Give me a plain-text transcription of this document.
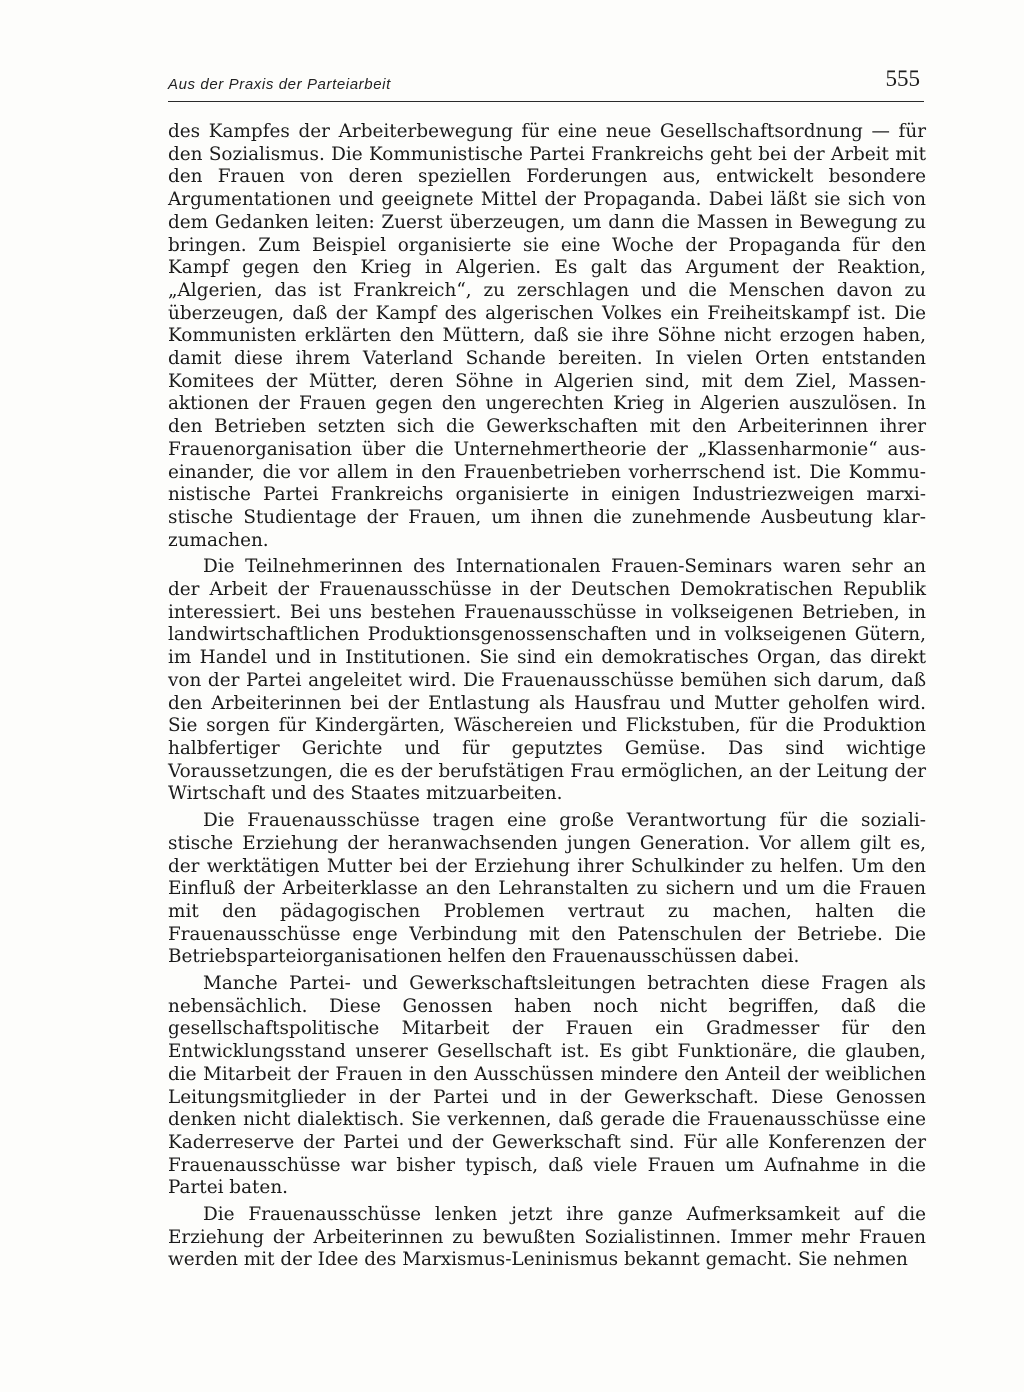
Aus der Praxis der Parteiarbeit	555

des Kampfes der Arbeiterbewegung für eine neue Gesellschaftsordnung — für den Sozialismus. Die Kommunistische Partei Frankreichs geht bei der Arbeit mit den Frauen von deren speziellen Forderungen aus, entwickelt besondere Argumentationen und geeignete Mittel der Propaganda. Dabei läßt sie sich von dem Gedanken leiten: Zuerst überzeugen, um dann die Massen in Bewegung zu bringen. Zum Beispiel organisierte sie eine Woche der Propaganda für den Kampf gegen den Krieg in Algerien. Es galt das Argument der Reaktion, „Algerien, das ist Frankreich“, zu zerschlagen und die Menschen davon zu überzeugen, daß der Kampf des algerischen Volkes ein Freiheitskampf ist. Die Kommunisten erklärten den Müttern, daß sie ihre Söhne nicht erzogen haben, damit diese ihrem Vaterland Schande bereiten. In vielen Orten entstanden Komitees der Mütter, deren Söhne in Algerien sind, mit dem Ziel, Massenaktionen der Frauen gegen den ungerechten Krieg in Algerien auszulösen. In den Betrieben setzten sich die Gewerkschaften mit den Arbeiterinnen ihrer Frauenorganisation über die Unternehmertheorie der „Klassenharmonie“ auseinander, die vor allem in den Frauenbetrieben vorherrschend ist. Die Kommunistische Partei Frankreichs organisierte in einigen Industriezweigen marxistische Studientage der Frauen, um ihnen die zunehmende Ausbeutung klarzumachen.

Die Teilnehmerinnen des Internationalen Frauen-Seminars waren sehr an der Arbeit der Frauenausschüsse in der Deutschen Demokratischen Republik interessiert. Bei uns bestehen Frauenausschüsse in volkseigenen Betrieben, in landwirtschaftlichen Produktionsgenossenschaften und in volkseigenen Gütern, im Handel und in Institutionen. Sie sind ein demokratisches Organ, das direkt von der Partei angeleitet wird. Die Frauenausschüsse bemühen sich darum, daß den Arbeiterinnen bei der Entlastung als Hausfrau und Mutter geholfen wird. Sie sorgen für Kindergärten, Wäschereien und Flickstuben, für die Produktion halbfertiger Gerichte und für geputztes Gemüse. Das sind wichtige Voraussetzungen, die es der berufstätigen Frau ermöglichen, an der Leitung der Wirtschaft und des Staates mitzuarbeiten.

Die Frauenausschüsse tragen eine große Verantwortung für die sozialistische Erziehung der heranwachsenden jungen Generation. Vor allem gilt es, der werktätigen Mutter bei der Erziehung ihrer Schulkinder zu helfen. Um den Einfluß der Arbeiterklasse an den Lehranstalten zu sichern und um die Frauen mit den pädagogischen Problemen vertraut zu machen, halten die Frauenausschüsse enge Verbindung mit den Patenschulen der Betriebe. Die Betriebsparteiorganisationen helfen den Frauenausschüssen dabei.

Manche Partei- und Gewerkschaftsleitungen betrachten diese Fragen als nebensächlich. Diese Genossen haben noch nicht begriffen, daß die gesellschaftspolitische Mitarbeit der Frauen ein Gradmesser für den Entwicklungsstand unserer Gesellschaft ist. Es gibt Funktionäre, die glauben, die Mitarbeit der Frauen in den Ausschüssen mindere den Anteil der weiblichen Leitungsmitglieder in der Partei und in der Gewerkschaft. Diese Genossen denken nicht dialektisch. Sie verkennen, daß gerade die Frauenausschüsse eine Kaderreserve der Partei und der Gewerkschaft sind. Für alle Konferenzen der Frauenausschüsse war bisher typisch, daß viele Frauen um Aufnahme in die Partei baten.

Die Frauenausschüsse lenken jetzt ihre ganze Aufmerksamkeit auf die Erziehung der Arbeiterinnen zu bewußten Sozialistinnen. Immer mehr Frauen werden mit der Idee des Marxismus-Leninismus bekannt gemacht. Sie nehmen
